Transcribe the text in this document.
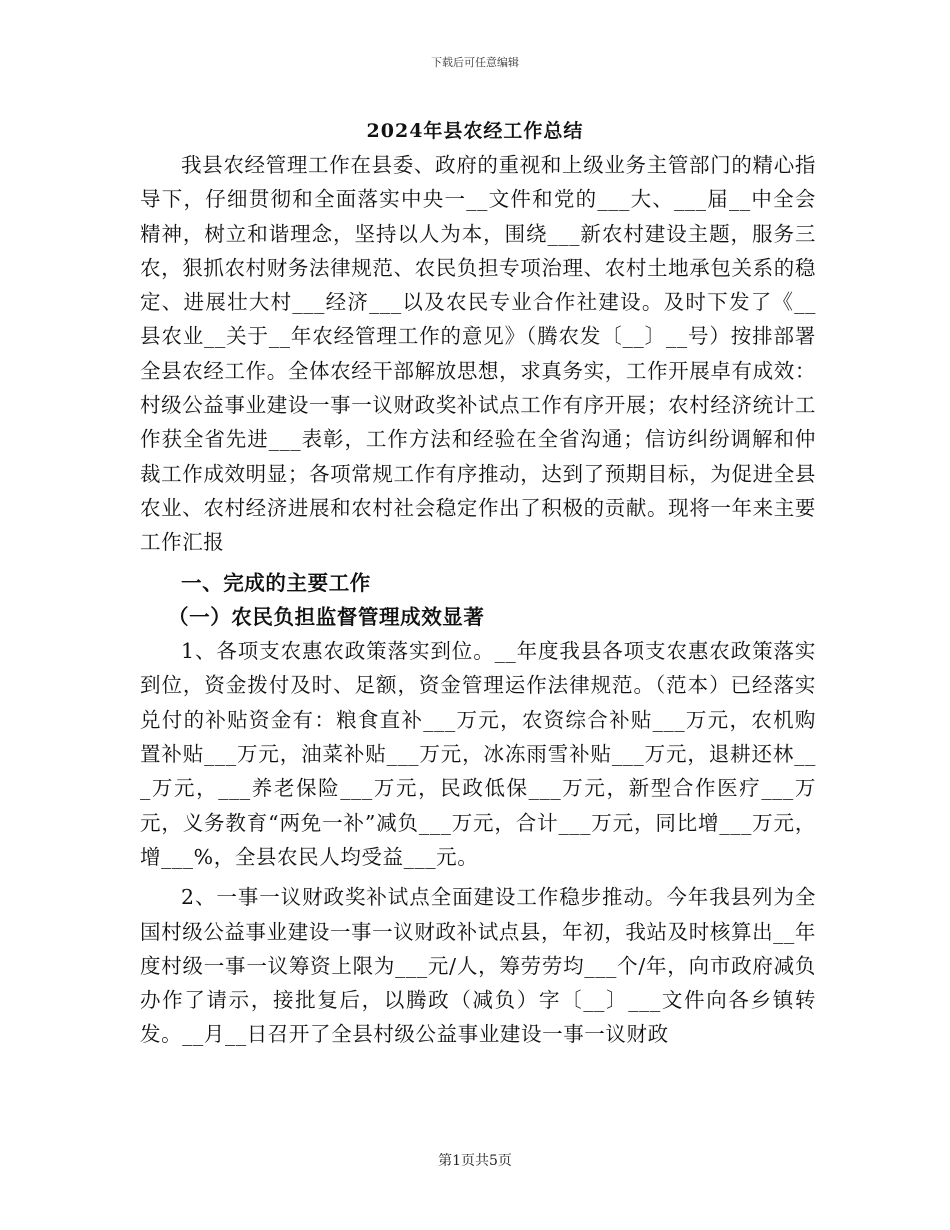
下载后可任意编辑
2024年县农经工作总结

我县农经管理工作在县委、政府的重视和上级业务主管部门的精心指导下，仔细贯彻和全面落实中央一__文件和党的___大、___届__中全会精神，树立和谐理念，坚持以人为本，围绕___新农村建设主题，服务三农，狠抓农村财务法律规范、农民负担专项治理、农村土地承包关系的稳定、进展壮大村___经济___以及农民专业合作社建设。及时下发了《__县农业__关于__年农经管理工作的意见》（腾农发〔__〕__号）按排部署全县农经工作。全体农经干部解放思想，求真务实，工作开展卓有成效：村级公益事业建设一事一议财政奖补试点工作有序开展；农村经济统计工作获全省先进___表彰，工作方法和经验在全省沟通；信访纠纷调解和仲裁工作成效明显；各项常规工作有序推动，达到了预期目标，为促进全县农业、农村经济进展和农村社会稳定作出了积极的贡献。现将一年来主要工作汇报

一、完成的主要工作

（一）农民负担监督管理成效显著

1、各项支农惠农政策落实到位。__年度我县各项支农惠农政策落实到位，资金拨付及时、足额，资金管理运作法律规范。（范本）已经落实兑付的补贴资金有：粮食直补___万元，农资综合补贴___万元，农机购置补贴___万元，油菜补贴___万元，冰冻雨雪补贴___万元，退耕还林___万元，___养老保险___万元，民政低保___万元，新型合作医疗___万元，义务教育“两免一补”减负___万元，合计___万元，同比增___万元，增___%，全县农民人均受益___元。

2、一事一议财政奖补试点全面建设工作稳步推动。今年我县列为全国村级公益事业建设一事一议财政补试点县，年初，我站及时核算出__年度村级一事一议筹资上限为___元/人，筹劳劳均___个/年，向市政府减负办作了请示，接批复后，以腾政（减负）字〔__〕___文件向各乡镇转发。__月__日召开了全县村级公益事业建设一事一议财政

第1页共5页
